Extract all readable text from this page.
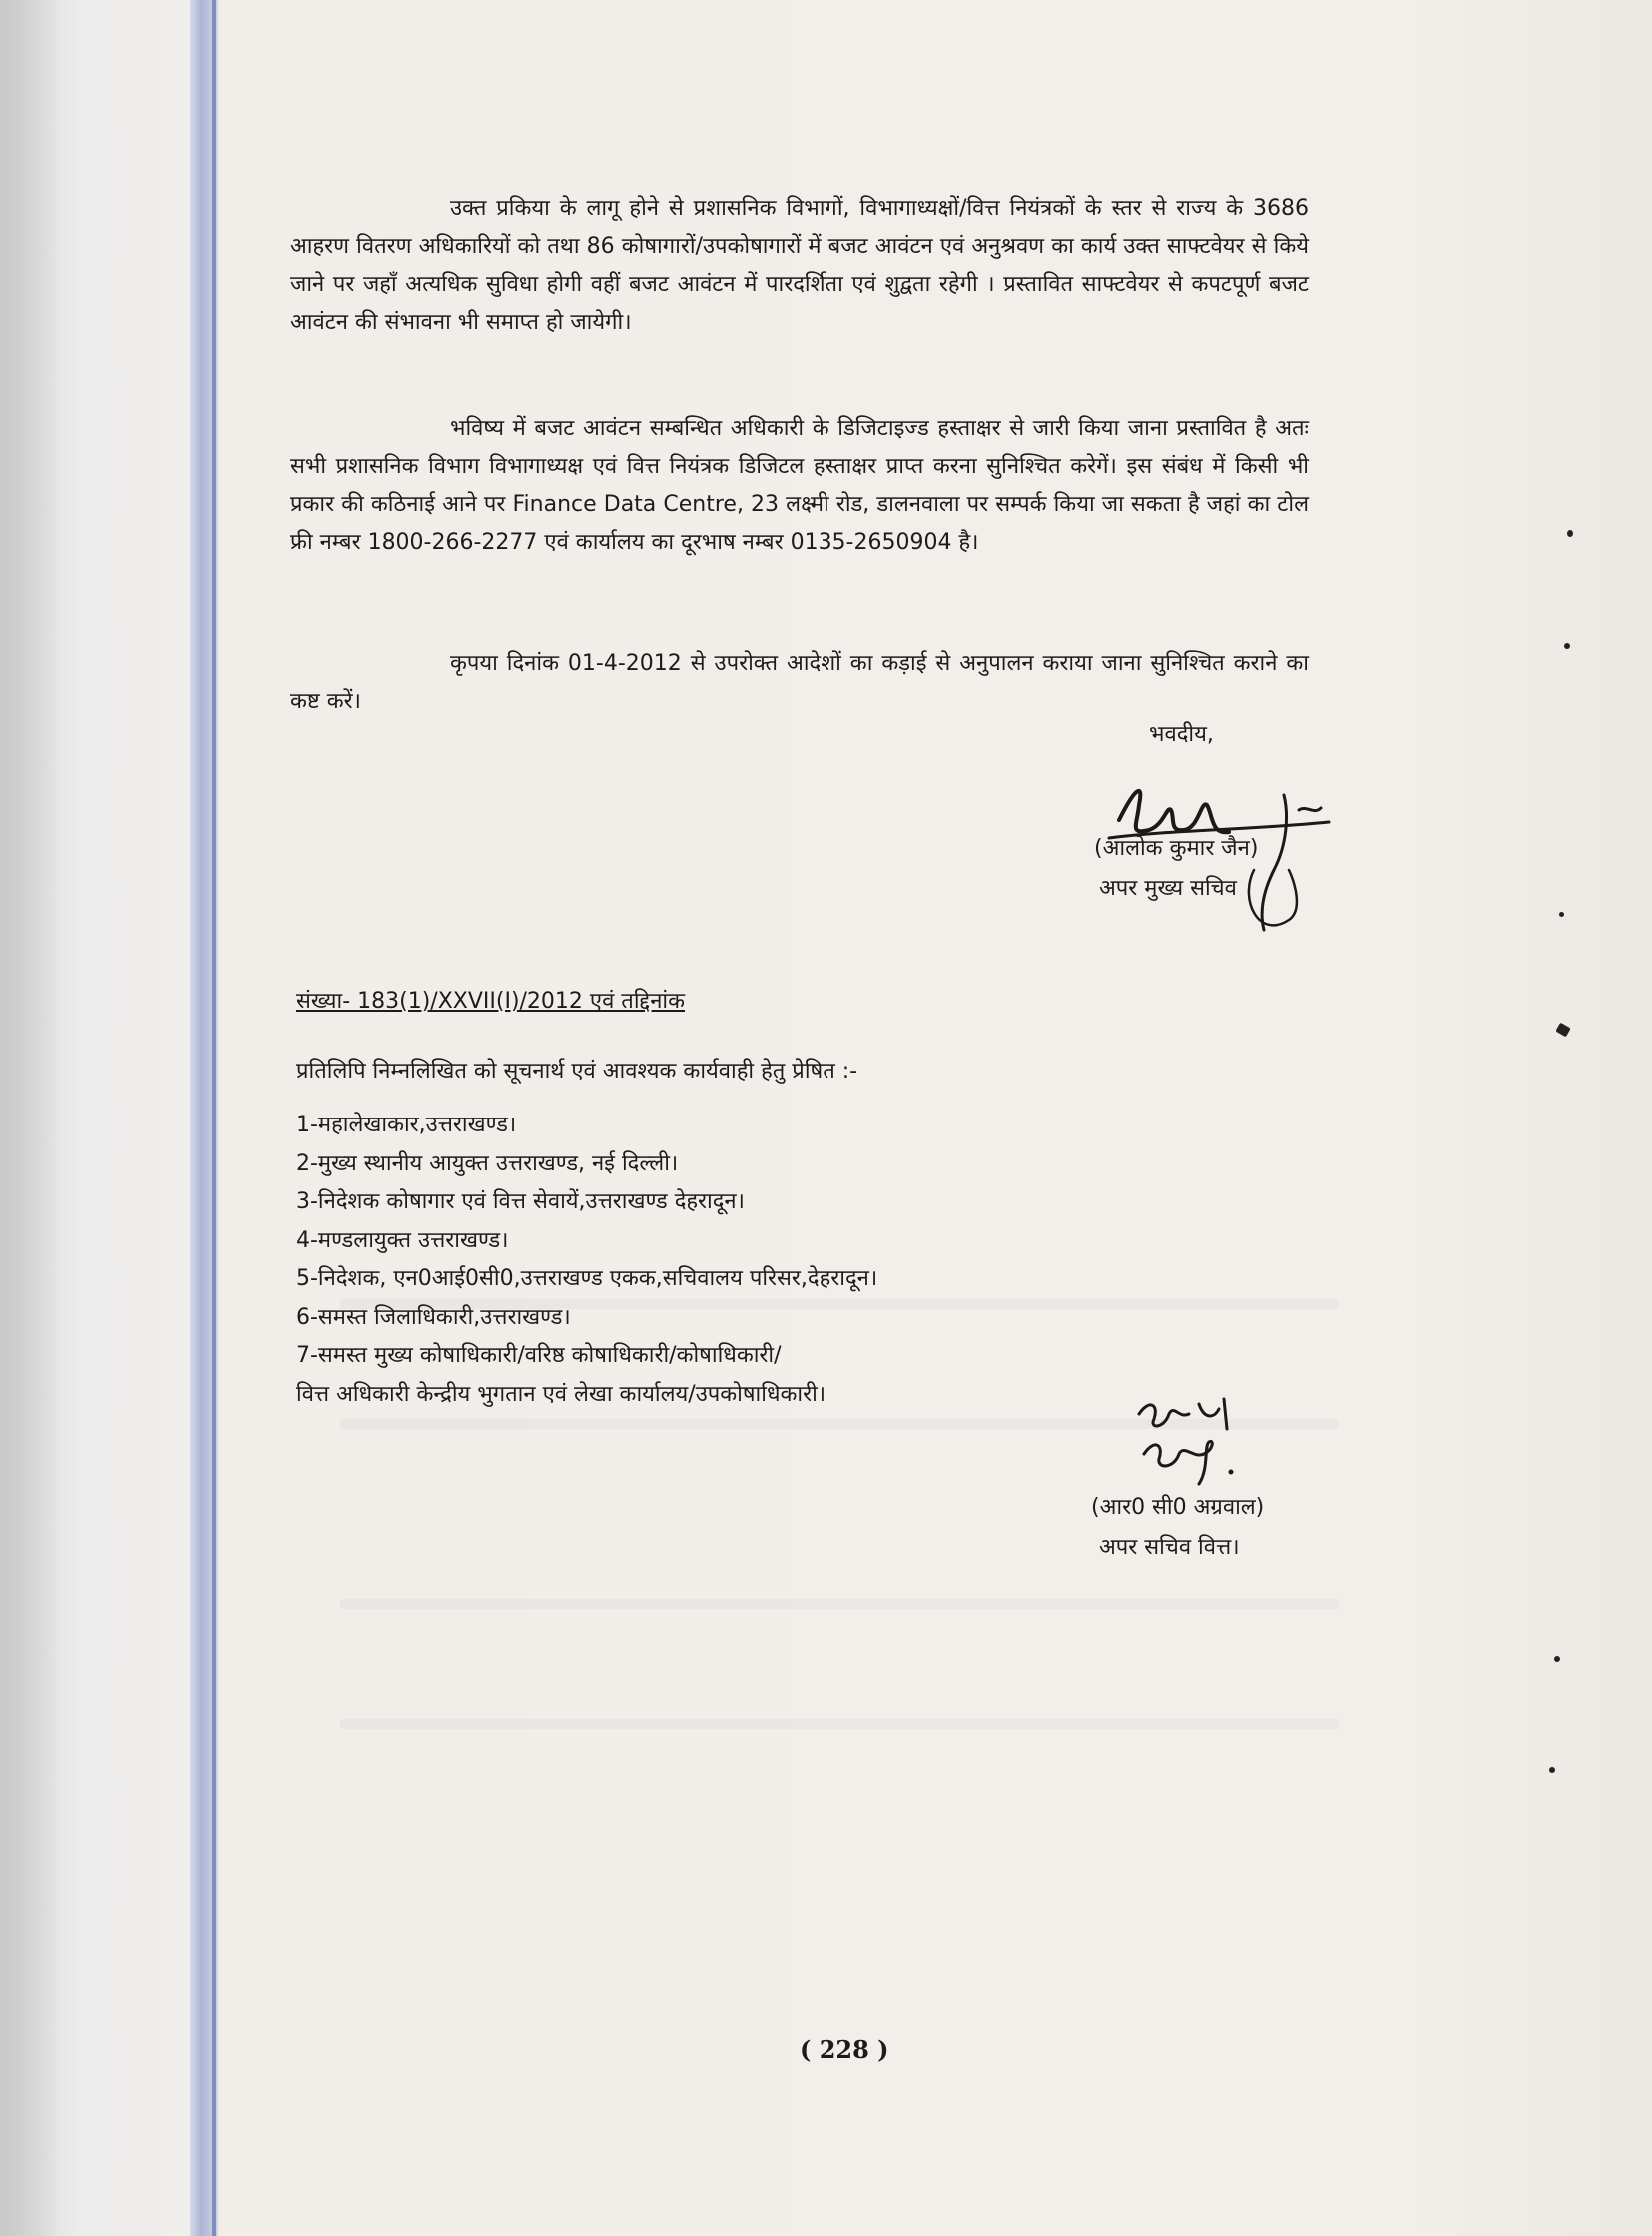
उक्त प्रकिया के लागू होने से प्रशासनिक विभागों, विभागाध्यक्षों/वित्त नियंत्रकों के स्तर से राज्य के 3686 आहरण वितरण अधिकारियों को तथा 86 कोषागारों/उपकोषागारों में बजट आवंटन एवं अनुश्रवण का कार्य उक्त साफ्टवेयर से किये जाने पर जहाँ अत्यधिक सुविधा होगी वहीं बजट आवंटन में पारदर्शिता एवं शुद्वता रहेगी । प्रस्तावित साफ्टवेयर से कपटपूर्ण बजट आवंटन की संभावना भी समाप्त हो जायेगी।

भविष्य में बजट आवंटन सम्बन्धित अधिकारी के डिजिटाइज्ड हस्ताक्षर से जारी किया जाना प्रस्तावित है अतः सभी प्रशासनिक विभाग विभागाध्यक्ष एवं वित्त नियंत्रक डिजिटल हस्ताक्षर प्राप्त करना सुनिश्चित करेगें। इस संबंध में किसी भी प्रकार की कठिनाई आने पर Finance Data Centre, 23 लक्ष्मी रोड, डालनवाला पर सम्पर्क किया जा सकता है जहां का टोल फ्री नम्बर 1800-266-2277 एवं कार्यालय का दूरभाष नम्बर 0135-2650904 है।

कृपया दिनांक 01-4-2012 से उपरोक्त आदेशों का कड़ाई से अनुपालन कराया जाना सुनिश्चित कराने का कष्ट करें।

भवदीय,
(आलोक कुमार जैन)
अपर मुख्य सचिव
संख्या- 183(1)/XXVII(I)/2012 एवं तद्दिनांक
प्रतिलिपि निम्नलिखित को सूचनार्थ एवं आवश्यक कार्यवाही हेतु प्रेषित :-
1-महालेखाकार,उत्तराखण्ड।
2-मुख्य स्थानीय आयुक्त उत्तराखण्ड, नई दिल्ली।
3-निदेशक कोषागार एवं वित्त सेवायें,उत्तराखण्ड देहरादून।
4-मण्डलायुक्त उत्तराखण्ड।
5-निदेशक, एन0आई0सी0,उत्तराखण्ड एकक,सचिवालय परिसर,देहरादून।
6-समस्त जिलाधिकारी,उत्तराखण्ड।
7-समस्त मुख्य कोषाधिकारी/वरिष्ठ कोषाधिकारी/कोषाधिकारी/
वित्त अधिकारी केन्द्रीय भुगतान एवं लेखा कार्यालय/उपकोषाधिकारी।
(आर0 सी0 अग्रवाल)
अपर सचिव वित्त।
( 228 )
